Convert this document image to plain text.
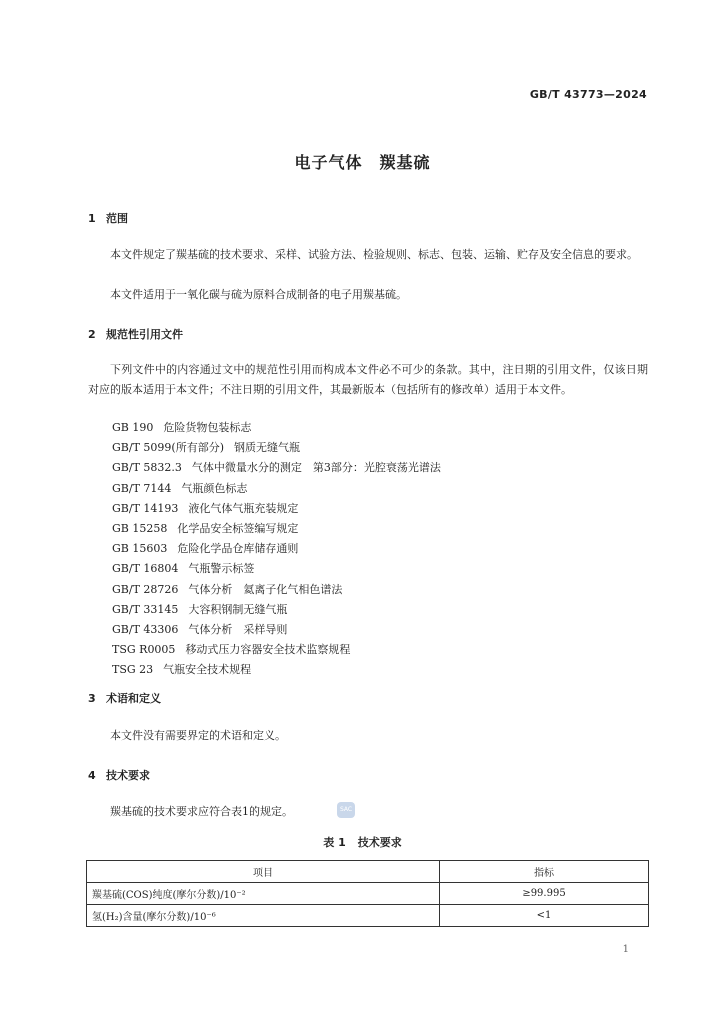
GB/T 43773—2024
电子气体　羰基硫
1 范围
本文件规定了羰基硫的技术要求、采样、试验方法、检验规则、标志、包装、运输、贮存及安全信息的要求。
本文件适用于一氧化碳与硫为原料合成制备的电子用羰基硫。
2 规范性引用文件
下列文件中的内容通过文中的规范性引用而构成本文件必不可少的条款。其中，注日期的引用文件，仅该日期对应的版本适用于本文件；不注日期的引用文件，其最新版本（包括所有的修改单）适用于本文件。
GB 190 危险货物包装标志
GB/T 5099(所有部分) 钢质无缝气瓶
GB/T 5832.3 气体中微量水分的测定　第3部分：光腔衰荡光谱法
GB/T 7144 气瓶颜色标志
GB/T 14193 液化气体气瓶充装规定
GB 15258 化学品安全标签编写规定
GB 15603 危险化学品仓库储存通则
GB/T 16804 气瓶警示标签
GB/T 28726 气体分析　氦离子化气相色谱法
GB/T 33145 大容积钢制无缝气瓶
GB/T 43306 气体分析　采样导则
TSG R0005 移动式压力容器安全技术监察规程
TSG 23 气瓶安全技术规程
3 术语和定义
本文件没有需要界定的术语和定义。
4 技术要求
羰基硫的技术要求应符合表1的规定。	SAC
表 1 技术要求
项目	指标
羰基硫(COS)纯度(摩尔分数)/10⁻²	≥99.995
氢(H₂)含量(摩尔分数)/10⁻⁶	<1
1
